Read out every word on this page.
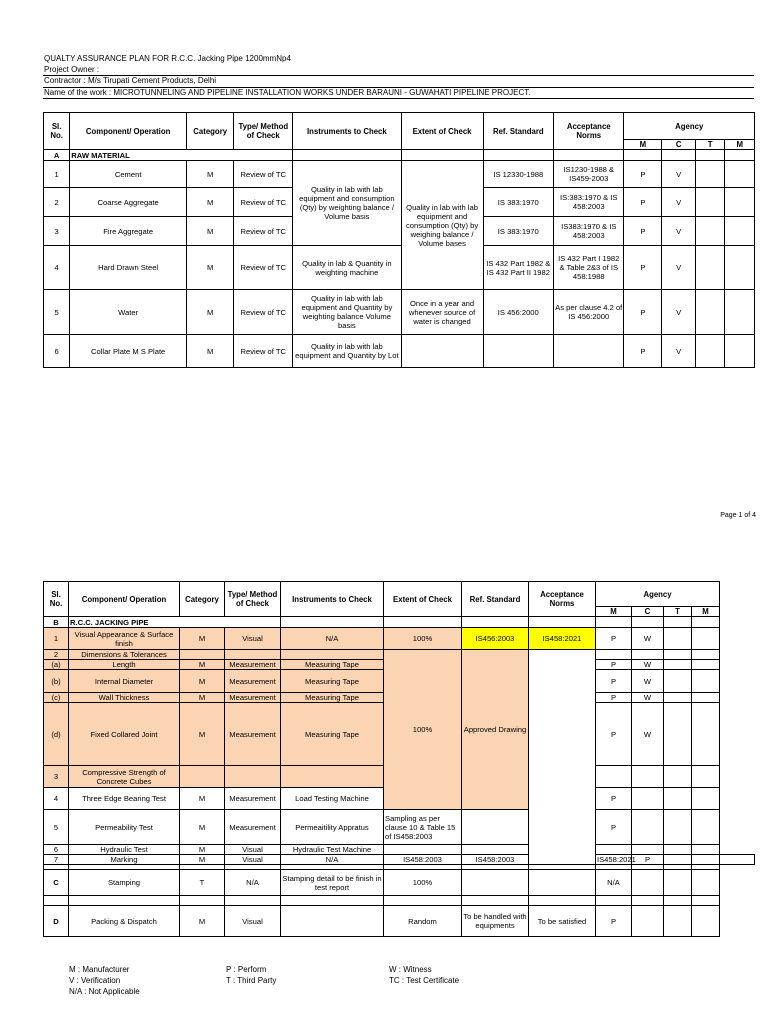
QUALTY ASSURANCE PLAN FOR R.C.C. Jacking Pipe 1200mmNp4
Project Owner :
Contractor : M/s Tirupati Cement Products, Delhi
Name of the work : MICROTUNNELING AND PIPELINE INSTALLATION WORKS UNDER BARAUNI - GUWAHATI PIPELINE PROJECT.
Sl. No.	Component/ Operation	Category	Type/ Method of Check	Instruments to Check	Extent of Check	Ref. Standard	Acceptance Norms	Agency			
								M	C	T	M
A	RAW MATERIAL										
1	Cement	M	Review of TC	Quality in lab with lab equipment and consumption (Qty) by weighting balance / Volume basis	Quality in lab with lab equipment and consumption (Qty) by weighing balance / Volume bases	IS 12330-1988	IS1230-1988 & IS459-2003	P	V		
2	Coarse Aggregate	M	Review of TC			IS 383:1970	IS:383:1970 & IS 458:2003	P	V		
3	Fire Aggregate	M	Review of TC			IS 383:1970	IS383:1970 & IS 458:2003	P	V		
4	Hard Drawn Steel	M	Review of TC	Quality in lab & Quantity in weighting machine		IS 432 Part 1982 & IS 432 Part II 1982	IS 432 Part I 1982 & Table 2&3 of IS 458:1988	P	V		
5	Water	M	Review of TC	Quality in lab with lab equipment and Quantity by weighting balance Volume basis	Once in a year and whenever source of water is changed	IS 456:2000	As per clause 4.2 of IS 456:2000	P	V		
6	Collar Plate M S Plate	M	Review of TC	Quality in lab with lab equipment and Quantity by Lot				P	V		
Page 1 of 4
Sl. No.	Component/ Operation	Category	Type/ Method of Check	Instruments to Check	Extent of Check	Ref. Standard	Acceptance Norms	Agency				
								M	C	T	M	
B	R.C.C. JACKING PIPE											
1	Visual Appearance & Surface finish	M	Visual	N/A	100%	IS456:2003	IS458:2021	P	W			
2	Dimensions & Tolerances				100%	Approved Drawing						
(a)	Length	M	Measurement	Measuring Tape				P	W			
(b)	Internal Diameter	M	Measurement	Measuring Tape				P	W			
(c)	Wall Thickness	M	Measurement	Measuring Tape				P	W			
(d)	Fixed Collared Joint	M	Measurement	Measuring Tape				P	W			
3	Compressive Strength of Concrete Cubes											
4	Three Edge Bearing Test	M	Measurement	Load Testing Machine				P				
5	Permeability Test	M	Measurement	Permeaitility Appratus	Sampling as per clause 10 & Table 15 of IS458:2003			P				
6	Hydraulic Test	M	Visual	Hydraulic Test Machine								
7	Marking	M	Visual	N/A	IS458:2003	IS458:2003		IS458:2021	P			

C	Stamping	T	N/A	Stamping detail to be finish in test report	100%			N/A				

D	Packing & Dispatch	M	Visual		Random	To be handled with equipments	To be satisfied	P				
M : Manufacturer
V : Verification
N/A : Not Applicable
P : Perform
T : Third Party
W : Witness
TC : Test Certificate
